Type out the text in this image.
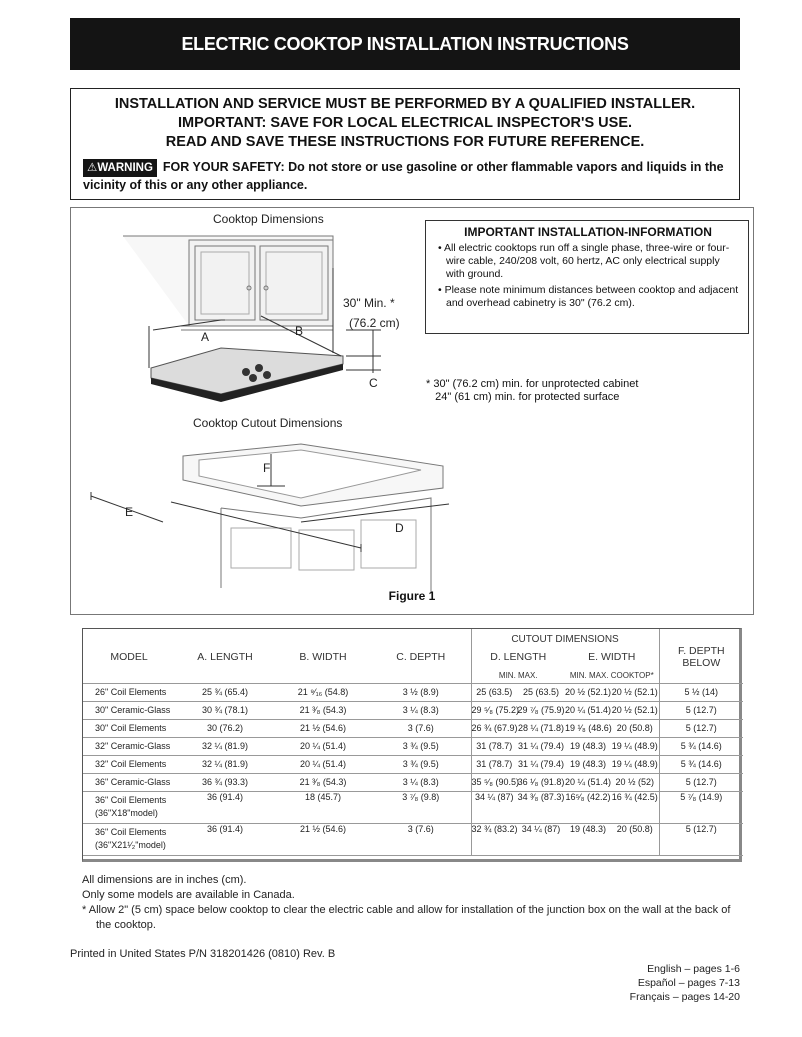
ELECTRIC COOKTOP INSTALLATION INSTRUCTIONS
INSTALLATION AND SERVICE MUST BE PERFORMED BY A QUALIFIED INSTALLER.
IMPORTANT: SAVE FOR LOCAL ELECTRICAL INSPECTOR'S USE.
READ AND SAVE THESE INSTRUCTIONS FOR FUTURE REFERENCE.
⚠WARNING FOR YOUR SAFETY: Do not store or use gasoline or other flammable vapors and liquids in the vicinity of this or any other appliance.
Cooktop Dimensions
30" Min. *
(76.2 cm)
A	B
C
Cooktop Cutout Dimensions
F
E
D
IMPORTANT INSTALLATION-INFORMATION
• All electric cooktops run off a single phase, three-wire or four-wire cable, 240/208 volt, 60 hertz, AC only electrical supply with ground.
• Please note minimum distances between cooktop and adjacent and overhead cabinetry is 30" (76.2 cm).
* 30" (76.2 cm) min. for unprotected cabinet
24" (61 cm) min. for protected surface
Figure 1
				CUTOUT DIMENSIONS				
MODEL	A. LENGTH	B. WIDTH	C. DEPTH	D. LENGTH		E. WIDTH		F. DEPTH BELOW
				MIN. MAX.		MIN. MAX. COOKTOP*		

26" Coil Elements	25 ¾ (65.4)	21 ⁹⁄₁₆ (54.8)	3 ½ (8.9)	25 (63.5)	25 (63.5)	20 ½ (52.1)	20 ½ (52.1)	5 ½ (14)

30" Ceramic-Glass	30 ¾ (78.1)	21 ³⁄₈ (54.3)	3 ¼ (8.3)	29 ⁵⁄₈ (75.2)	29 ⁷⁄₈ (75.9)	20 ¼ (51.4)	20 ½ (52.1)	5 (12.7)

30" Coil Elements	30 (76.2)	21 ½ (54.6)	3 (7.6)	26 ¾ (67.9)	28 ¼ (71.8)	19 ¹⁄₈ (48.6)	20 (50.8)	5 (12.7)

32" Ceramic-Glass	32 ¼ (81.9)	20 ¼ (51.4)	3 ¾ (9.5)	31 (78.7)	31 ¼ (79.4)	19 (48.3)	19 ¼ (48.9)	5 ¾ (14.6)

32" Coil Elements	32 ¼ (81.9)	20 ¼ (51.4)	3 ¾ (9.5)	31 (78.7)	31 ¼ (79.4)	19 (48.3)	19 ¼ (48.9)	5 ¾ (14.6)

36" Ceramic-Glass	36 ¾ (93.3)	21 ³⁄₈ (54.3)	3 ¼ (8.3)	35 ⁵⁄₈ (90.5)	36 ¹⁄₈ (91.8)	20 ¼ (51.4)	20 ½ (52)	5 (12.7)

36" Coil Elements
(36"X18"model)	36 (91.4)	18 (45.7)	3 ⁷⁄₈ (9.8)	34 ¼ (87)	34 ³⁄₈ (87.3)	16⁵⁄₈ (42.2)	16 ¾ (42.5)	5 ⁷⁄₈ (14.9)

36" Coil Elements
(36"X21¹⁄₂"model)	36 (91.4)	21 ½ (54.6)	3 (7.6)	32 ¾ (83.2)	34 ¼ (87)	19 (48.3)	20 (50.8)	5 (12.7)
All dimensions are in inches (cm).
Only some models are available in Canada.
* Allow 2" (5 cm) space below cooktop to clear the electric cable and allow for installation of the junction box on the wall at the back of the cooktop.
Printed in United States P/N 318201426 (0810) Rev. B
English – pages 1-6
Español – pages 7-13
Français – pages 14-20
